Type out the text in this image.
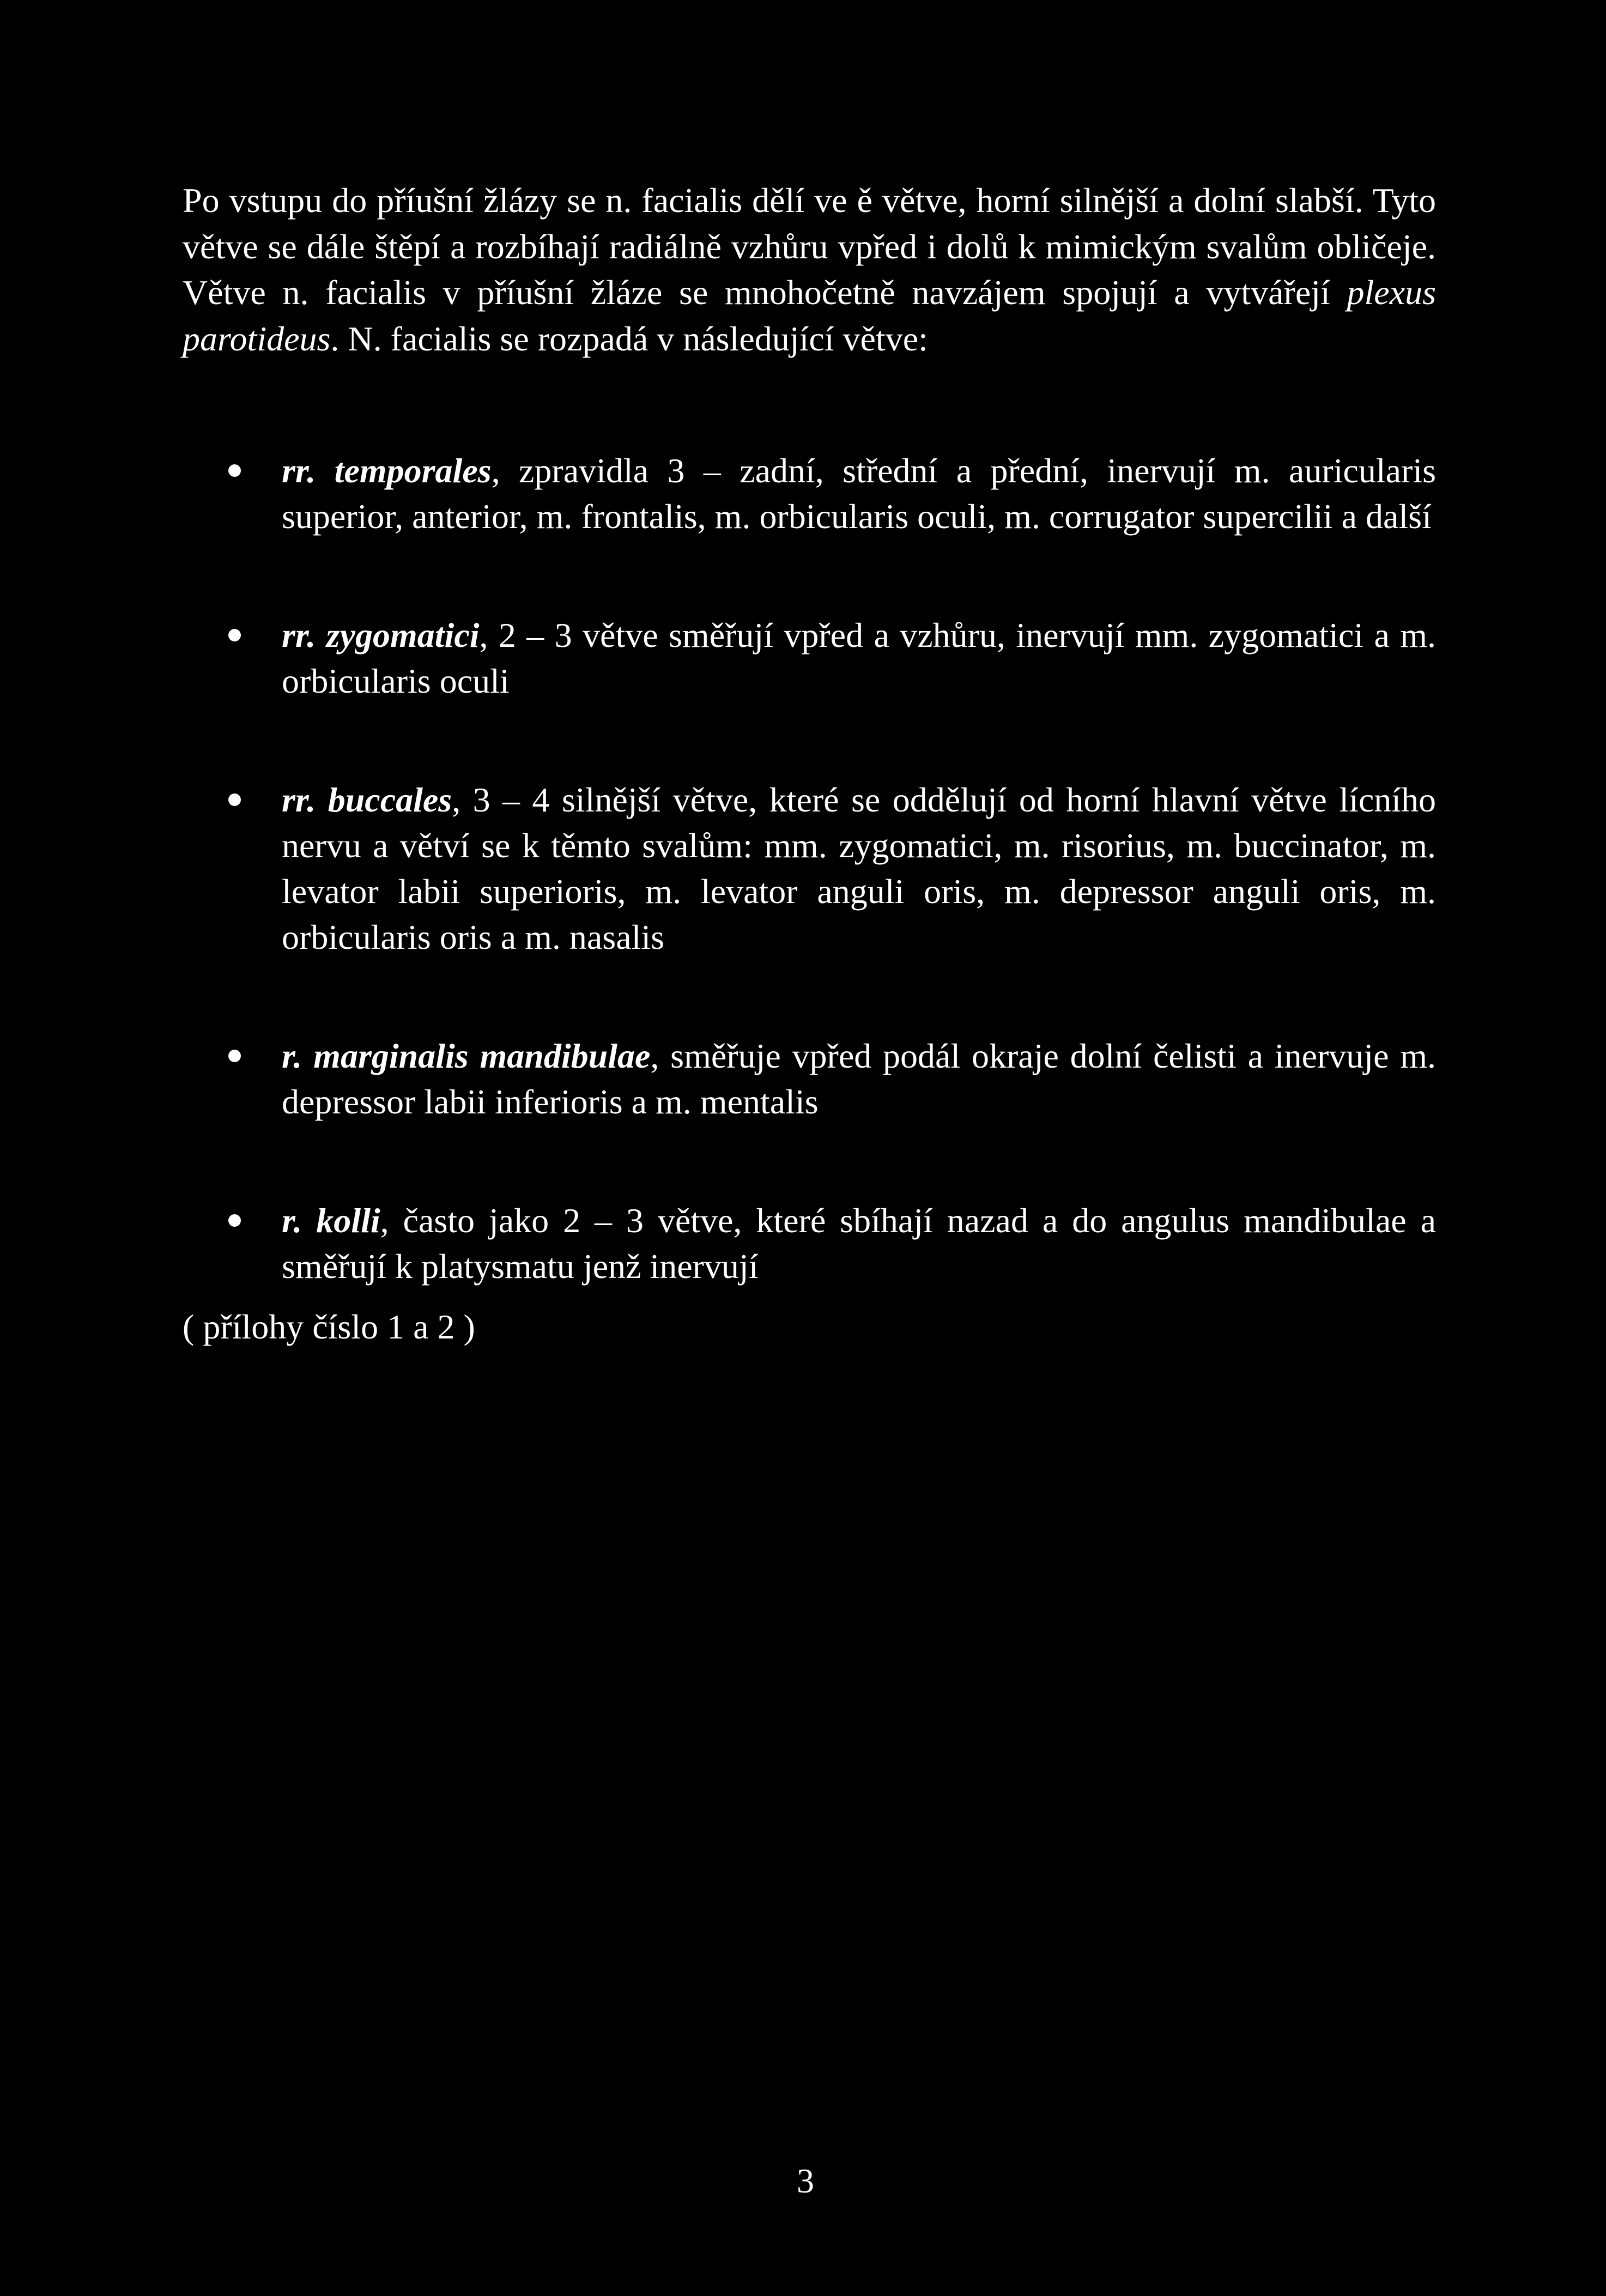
Po vstupu do příušní žlázy se n. facialis dělí ve ě větve, horní silnější a dolní slabší. Tyto větve se dále štěpí a rozbíhají radiálně vzhůru vpřed i dolů k mimickým svalům obličeje. Větve n. facialis v příušní žláze se mnohočetně navzájem spojují a vytvářejí plexus parotideus. N. facialis se rozpadá v následující větve:

rr. temporales, zpravidla 3 – zadní, střední a přední, inervují m. auricularis superior, anterior, m. frontalis, m. orbicularis oculi, m. corrugator supercilii a další
rr. zygomatici, 2 – 3 větve směřují vpřed a vzhůru, inervují mm. zygomatici a m. orbicularis oculi
rr. buccales, 3 – 4 silnější větve, které se oddělují od horní hlavní větve lícního nervu a větví se k těmto svalům: mm. zygomatici, m. risorius, m. buccinator, m. levator labii superioris, m. levator anguli oris, m. depressor anguli oris, m. orbicularis oris a m. nasalis
r. marginalis mandibulae, směřuje vpřed podál okraje dolní čelisti a inervuje m. depressor labii inferioris a m. mentalis
r. kolli, často jako 2 – 3 větve, které sbíhají nazad a do angulus mandibulae a směřují k platysmatu jenž inervují

( přílohy číslo 1 a 2 )

3
